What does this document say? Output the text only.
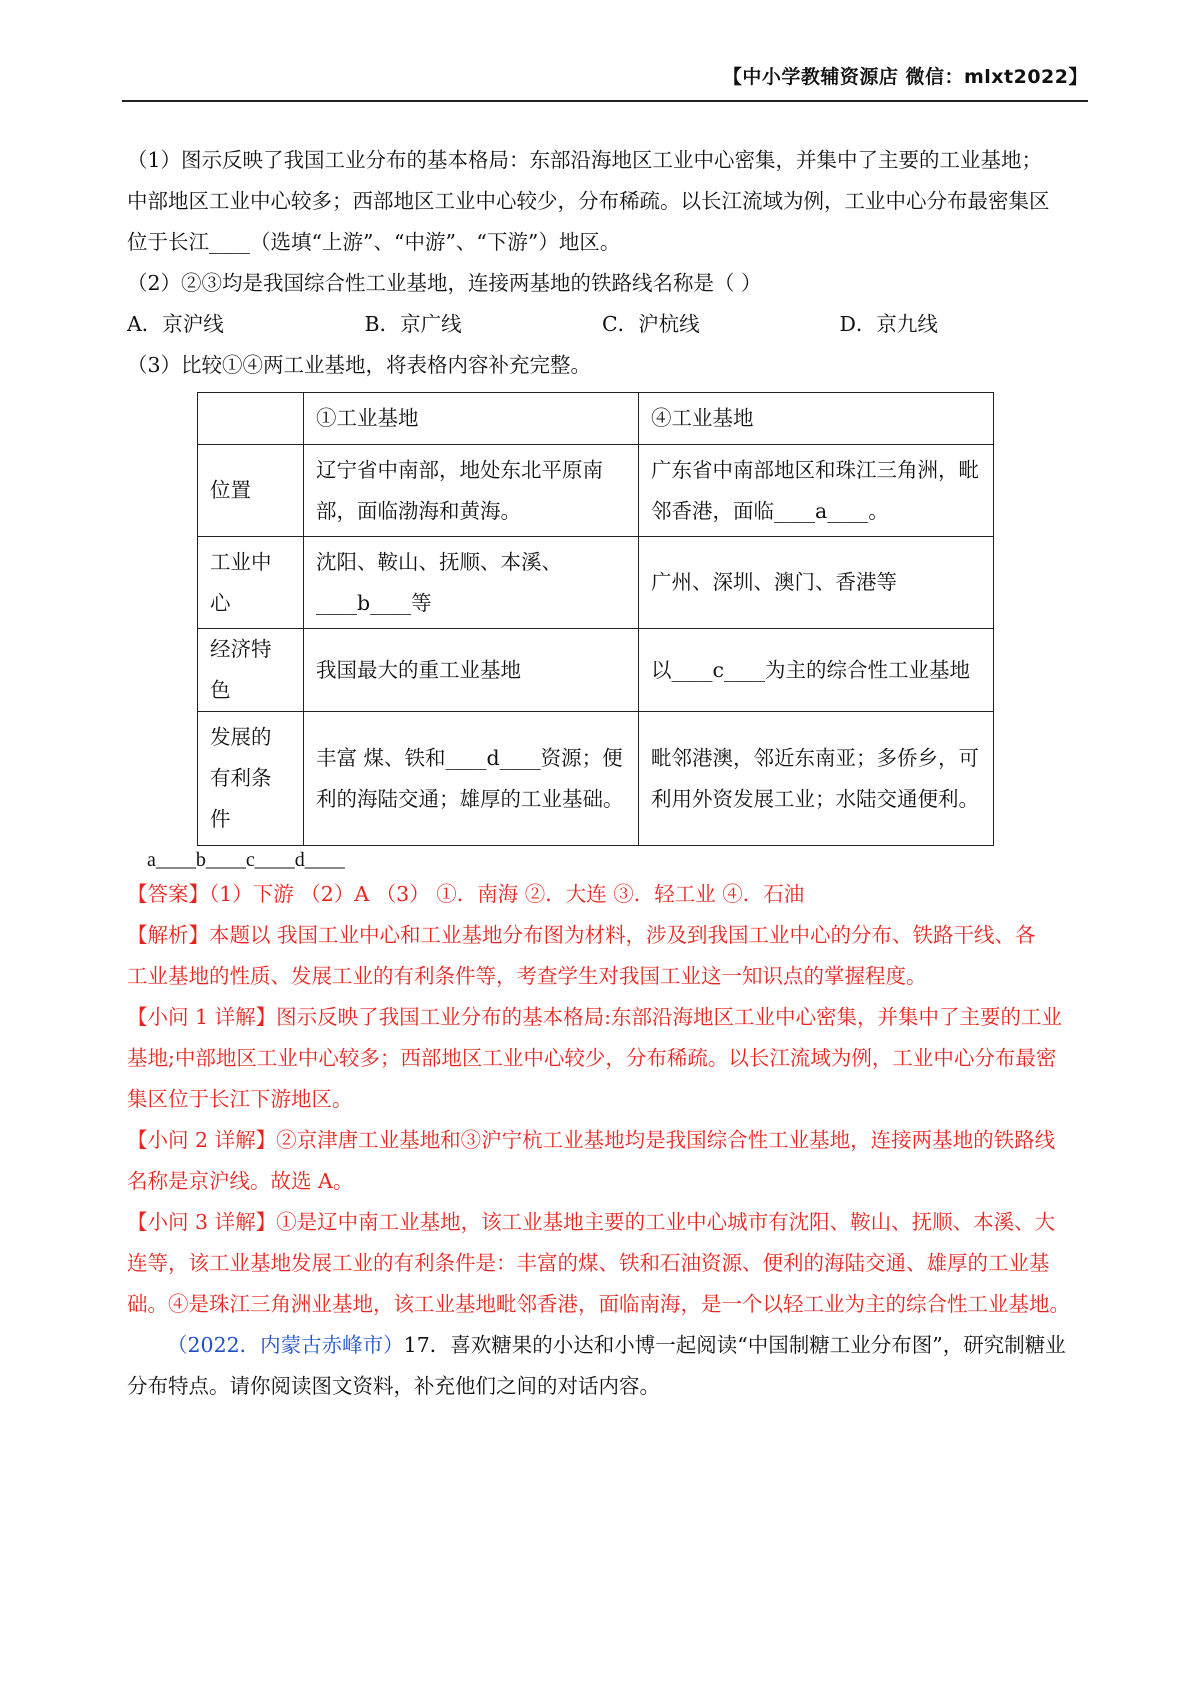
【中小学教辅资源店 微信：mlxt2022】

（1）图示反映了我国工业分布的基本格局：东部沿海地区工业中心密集，并集中了主要的工业基地；

中部地区工业中心较多；西部地区工业中心较少，分布稀疏。以长江流域为例，工业中心分布最密集区

位于长江____（选填“上游”、“中游”、“下游”）地区。

（2）②③均是我国综合性工业基地，连接两基地的铁路线名称是（ ）

A．京沪线	B．京广线	C．沪杭线	D．京九线

（3）比较①④两工业基地，将表格内容补充完整。

	①工业基地	④工业基地
位置	辽宁省中南部，地处东北平原南部，面临渤海和黄海。	广东省中南部地区和珠江三角洲，毗邻香港，面临____a____。
工业中心	沈阳、鞍山、抚顺、本溪、____b____等	广州、深圳、澳门、香港等
经济特色	我国最大的重工业基地	以____c____为主的综合性工业基地
发展的有利条件	丰富 煤、铁和____d____资源；便利的海陆交通；雄厚的工业基础。	毗邻港澳，邻近东南亚；多侨乡，可利用外资发展工业；水陆交通便利。
a____b____c____d____

【答案】（1）下游 （2）A （3） ①．南海 ②．大连 ③．轻工业 ④．石油

【解析】本题以 我国工业中心和工业基地分布图为材料，涉及到我国工业中心的分布、铁路干线、各

工业基地的性质、发展工业的有利条件等，考查学生对我国工业这一知识点的掌握程度。

【小问 1 详解】图示反映了我国工业分布的基本格局:东部沿海地区工业中心密集，并集中了主要的工业

基地;中部地区工业中心较多；西部地区工业中心较少，分布稀疏。以长江流域为例，工业中心分布最密

集区位于长江下游地区。

【小问 2 详解】②京津唐工业基地和③沪宁杭工业基地均是我国综合性工业基地，连接两基地的铁路线

名称是京沪线。故选 A。

【小问 3 详解】①是辽中南工业基地，该工业基地主要的工业中心城市有沈阳、鞍山、抚顺、本溪、大

连等，该工业基地发展工业的有利条件是：丰富的煤、铁和石油资源、便利的海陆交通、雄厚的工业基

础。④是珠江三角洲业基地，该工业基地毗邻香港，面临南海，是一个以轻工业为主的综合性工业基地。

（2022．内蒙古赤峰市）17．喜欢糖果的小达和小博一起阅读“中国制糖工业分布图”，研究制糖业

分布特点。请你阅读图文资料，补充他们之间的对话内容。
